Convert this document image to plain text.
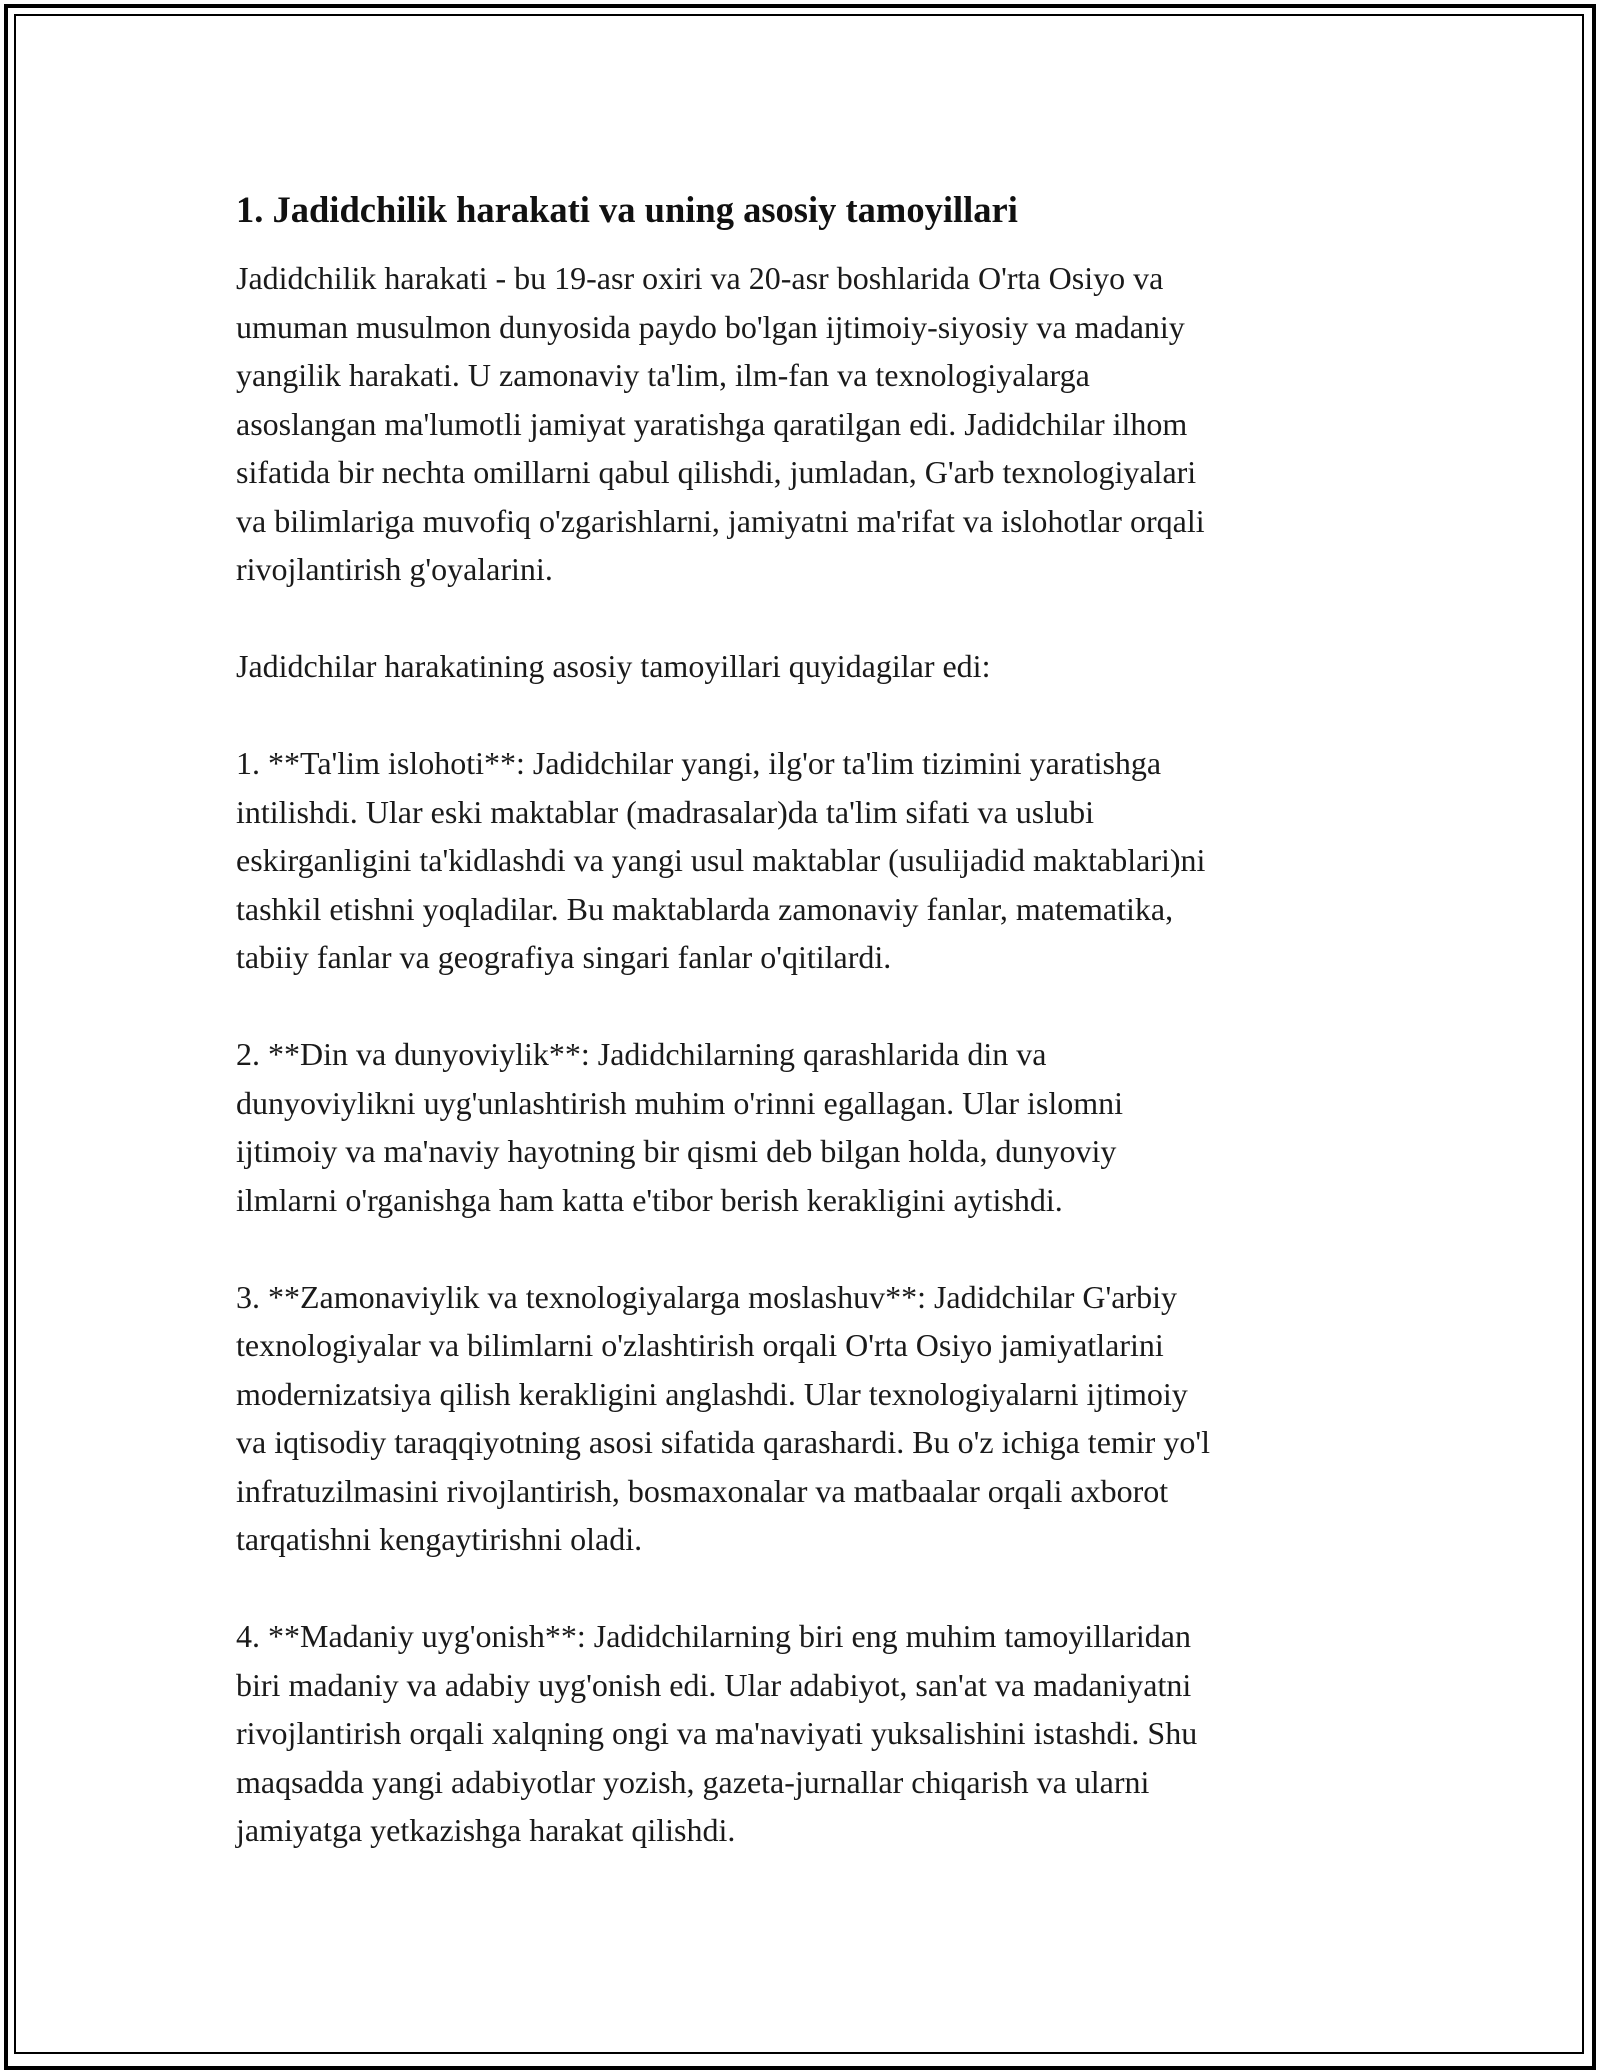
1. Jadidchilik harakati va uning asosiy tamoyillari
Jadidchilik harakati - bu 19-asr oxiri va 20-asr boshlarida O'rta Osiyo va
umuman musulmon dunyosida paydo bo'lgan ijtimoiy-siyosiy va madaniy
yangilik harakati. U zamonaviy ta'lim, ilm-fan va texnologiyalarga
asoslangan ma'lumotli jamiyat yaratishga qaratilgan edi. Jadidchilar ilhom
sifatida bir nechta omillarni qabul qilishdi, jumladan, G'arb texnologiyalari
va bilimlariga muvofiq o'zgarishlarni, jamiyatni ma'rifat va islohotlar orqali
rivojlantirish g'oyalarini.
Jadidchilar harakatining asosiy tamoyillari quyidagilar edi:
1. **Ta'lim islohoti**: Jadidchilar yangi, ilg'or ta'lim tizimini yaratishga
intilishdi. Ular eski maktablar (madrasalar)da ta'lim sifati va uslubi
eskirganligini ta'kidlashdi va yangi usul maktablar (usulijadid maktablari)ni
tashkil etishni yoqladilar. Bu maktablarda zamonaviy fanlar, matematika,
tabiiy fanlar va geografiya singari fanlar o'qitilardi.
2. **Din va dunyoviylik**: Jadidchilarning qarashlarida din va
dunyoviylikni uyg'unlashtirish muhim o'rinni egallagan. Ular islomni
ijtimoiy va ma'naviy hayotning bir qismi deb bilgan holda, dunyoviy
ilmlarni o'rganishga ham katta e'tibor berish kerakligini aytishdi.
3. **Zamonaviylik va texnologiyalarga moslashuv**: Jadidchilar G'arbiy
texnologiyalar va bilimlarni o'zlashtirish orqali O'rta Osiyo jamiyatlarini
modernizatsiya qilish kerakligini anglashdi. Ular texnologiyalarni ijtimoiy
va iqtisodiy taraqqiyotning asosi sifatida qarashardi. Bu o'z ichiga temir yo'l
infratuzilmasini rivojlantirish, bosmaxonalar va matbaalar orqali axborot
tarqatishni kengaytirishni oladi.
4. **Madaniy uyg'onish**: Jadidchilarning biri eng muhim tamoyillaridan
biri madaniy va adabiy uyg'onish edi. Ular adabiyot, san'at va madaniyatni
rivojlantirish orqali xalqning ongi va ma'naviyati yuksalishini istashdi. Shu
maqsadda yangi adabiyotlar yozish, gazeta-jurnallar chiqarish va ularni
jamiyatga yetkazishga harakat qilishdi.
